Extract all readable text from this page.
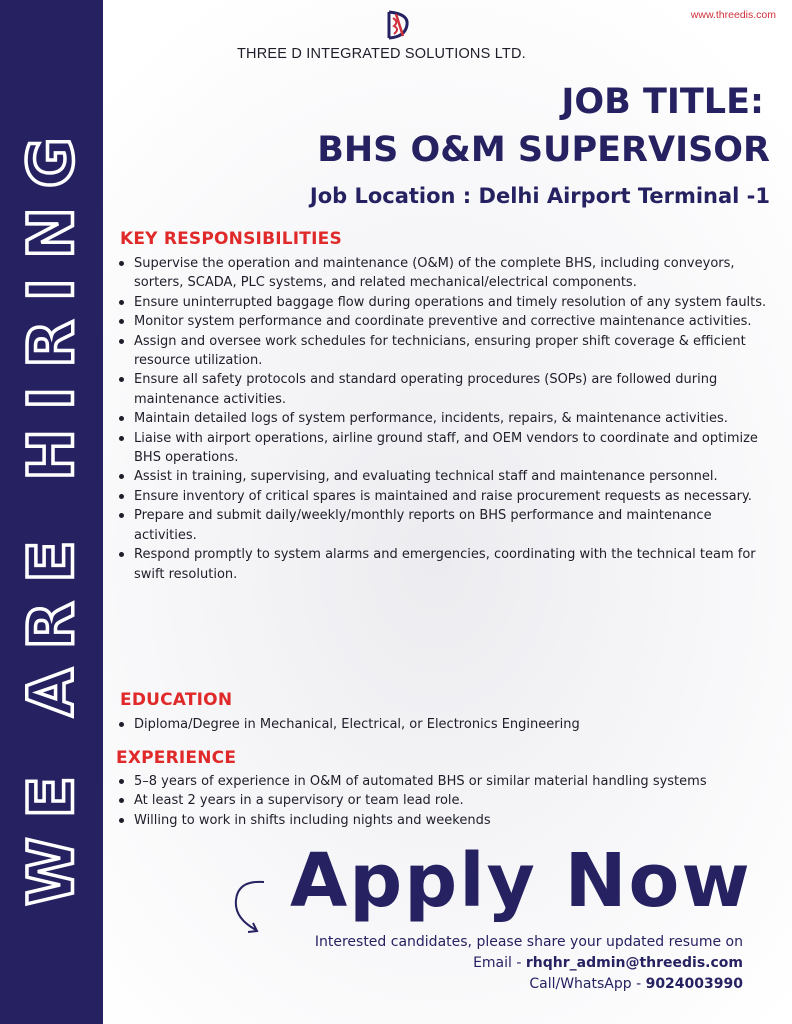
WE ARE HIRING
www.threedis.com
THREE D INTEGRATED SOLUTIONS LTD.
JOB TITLE:
BHS O&M SUPERVISOR
Job Location : Delhi Airport Terminal -1
KEY RESPONSIBILITIES
Supervise the operation and maintenance (O&M) of the complete BHS, including conveyors, sorters, SCADA, PLC systems, and related mechanical/electrical components.
Ensure uninterrupted baggage flow during operations and timely resolution of any system faults.
Monitor system performance and coordinate preventive and corrective maintenance activities.
Assign and oversee work schedules for technicians, ensuring proper shift coverage & efficient resource utilization.
Ensure all safety protocols and standard operating procedures (SOPs) are followed during maintenance activities.
Maintain detailed logs of system performance, incidents, repairs, & maintenance activities.
Liaise with airport operations, airline ground staff, and OEM vendors to coordinate and optimize BHS operations.
Assist in training, supervising, and evaluating technical staff and maintenance personnel.
Ensure inventory of critical spares is maintained and raise procurement requests as necessary.
Prepare and submit daily/weekly/monthly reports on BHS performance and maintenance activities.
Respond promptly to system alarms and emergencies, coordinating with the technical team for swift resolution.
EDUCATION
Diploma/Degree in Mechanical, Electrical, or Electronics Engineering
EXPERIENCE
5–8 years of experience in O&M of automated BHS or similar material handling systems
At least 2 years in a supervisory or team lead role.
Willing to work in shifts including nights and weekends
Apply Now
Interested candidates, please share your updated resume on
Email - rhqhr_admin@threedis.com
Call/WhatsApp - 9024003990
